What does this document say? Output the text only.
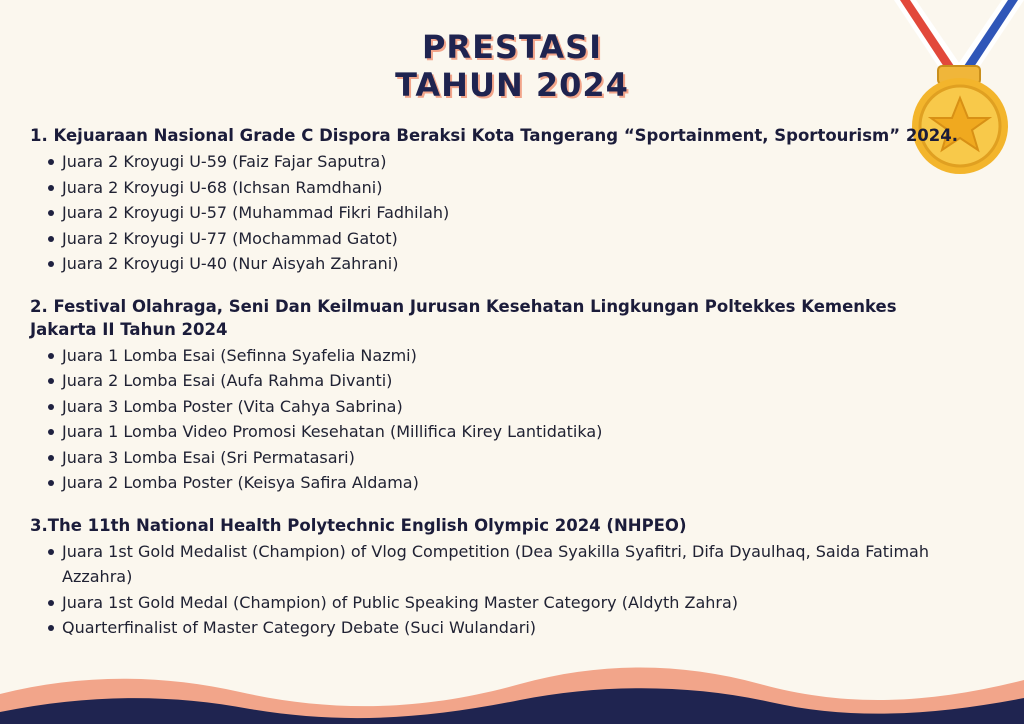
PRESTASI
TAHUN 2024
1. Kejuaraan Nasional Grade C Dispora Beraksi Kota Tangerang “Sportainment, Sportourism” 2024.
Juara 2 Kroyugi U-59 (Faiz Fajar Saputra)
Juara 2 Kroyugi U-68 (Ichsan Ramdhani)
Juara 2 Kroyugi U-57 (Muhammad Fikri Fadhilah)
Juara 2 Kroyugi U-77 (Mochammad Gatot)
Juara 2 Kroyugi U-40 (Nur Aisyah Zahrani)
2. Festival Olahraga, Seni Dan Keilmuan Jurusan Kesehatan Lingkungan Poltekkes Kemenkes Jakarta II Tahun 2024
Juara 1 Lomba Esai (Sefinna Syafelia Nazmi)
Juara 2 Lomba Esai (Aufa Rahma Divanti)
Juara 3 Lomba Poster (Vita Cahya Sabrina)
Juara 1 Lomba Video Promosi Kesehatan (Millifica Kirey Lantidatika)
Juara 3 Lomba Esai (Sri Permatasari)
Juara 2 Lomba Poster (Keisya Safira Aldama)
3.The 11th National Health Polytechnic English Olympic 2024 (NHPEO)
Juara 1st Gold Medalist (Champion) of Vlog Competition (Dea Syakilla Syafitri, Difa Dyaulhaq, Saida Fatimah Azzahra)
Juara 1st Gold Medal (Champion) of Public Speaking Master Category (Aldyth Zahra)
Quarterfinalist of Master Category Debate (Suci Wulandari)
